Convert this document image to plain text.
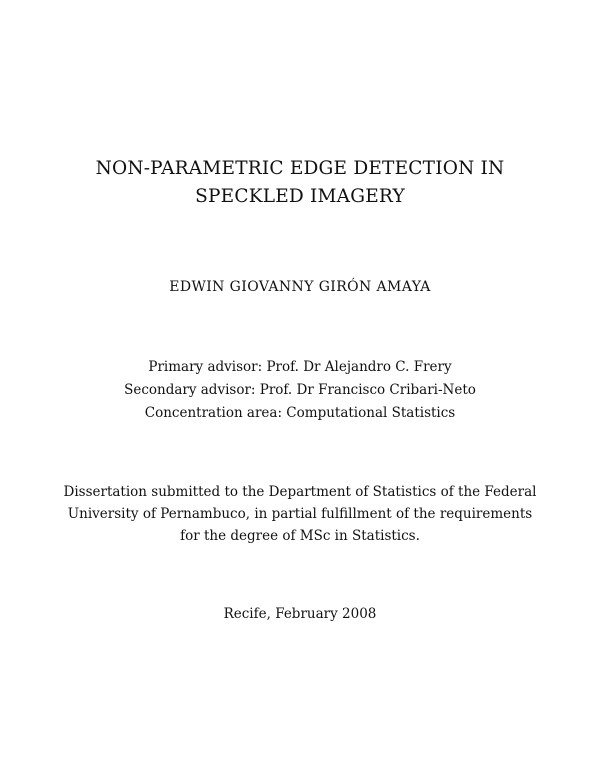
NON-PARAMETRIC EDGE DETECTION IN
SPECKLED IMAGERY
EDWIN GIOVANNY GIRÓN AMAYA
Primary advisor: Prof. Dr Alejandro C. Frery
Secondary advisor: Prof. Dr Francisco Cribari-Neto
Concentration area: Computational Statistics
Dissertation submitted to the Department of Statistics of the Federal
University of Pernambuco, in partial fulfillment of the requirements
for the degree of MSc in Statistics.
Recife, February 2008
